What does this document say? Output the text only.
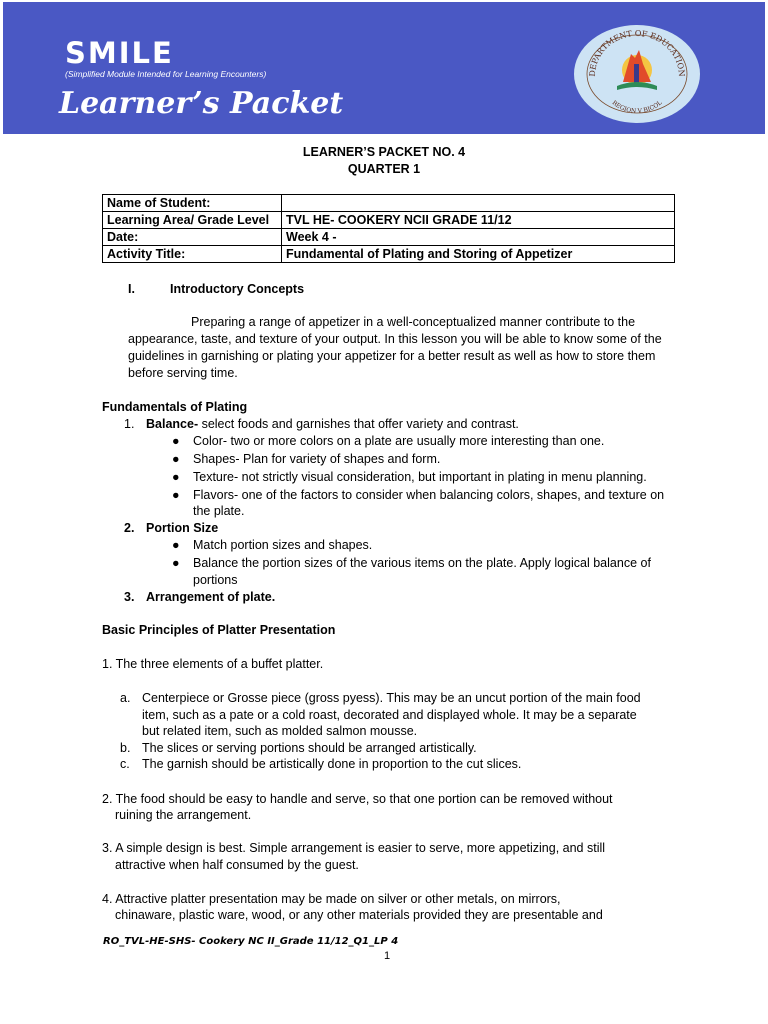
SMILE
(Simplified Module Intended for Learning Encounters)
Learner’s Packet
DEPARTMENT OF EDUCATION
REGION V BICOL
LEARNER’S PACKET NO. 4
QUARTER 1
Name of Student:	
Learning Area/ Grade Level	TVL HE- COOKERY NCII GRADE 11/12
Date:	Week 4 -
Activity Title:	Fundamental of Plating and Storing of Appetizer
I.	Introductory Concepts
Preparing a range of appetizer in a well-conceptualized manner contribute to the
appearance, taste, and texture of your output. In this lesson you will be able to know some of the
guidelines in garnishing or plating your appetizer for a better result as well as how to store them
before serving time.
Fundamentals of Plating
1. Balance- select foods and garnishes that offer variety and contrast.
● Color- two or more colors on a plate are usually more interesting than one.
● Shapes- Plan for variety of shapes and form.
● Texture- not strictly visual consideration, but important in plating in menu planning.
● Flavors- one of the factors to consider when balancing colors, shapes, and texture on
the plate.
2. Portion Size
● Match portion sizes and shapes.
● Balance the portion sizes of the various items on the plate. Apply logical balance of
portions
3. Arrangement of plate.
Basic Principles of Platter Presentation
1. The three elements of a buffet platter.
a. Centerpiece or Grosse piece (gross pyess). This may be an uncut portion of the main food
item, such as a pate or a cold roast, decorated and displayed whole. It may be a separate
but related item, such as molded salmon mousse.
b. The slices or serving portions should be arranged artistically.
c. The garnish should be artistically done in proportion to the cut slices.
2. The food should be easy to handle and serve, so that one portion can be removed without
ruining the arrangement.
3. A simple design is best. Simple arrangement is easier to serve, more appetizing, and still
attractive when half consumed by the guest.
4. Attractive platter presentation may be made on silver or other metals, on mirrors,
chinaware, plastic ware, wood, or any other materials provided they are presentable and
RO_TVL-HE-SHS- Cookery NC II_Grade 11/12_Q1_LP 4
1
